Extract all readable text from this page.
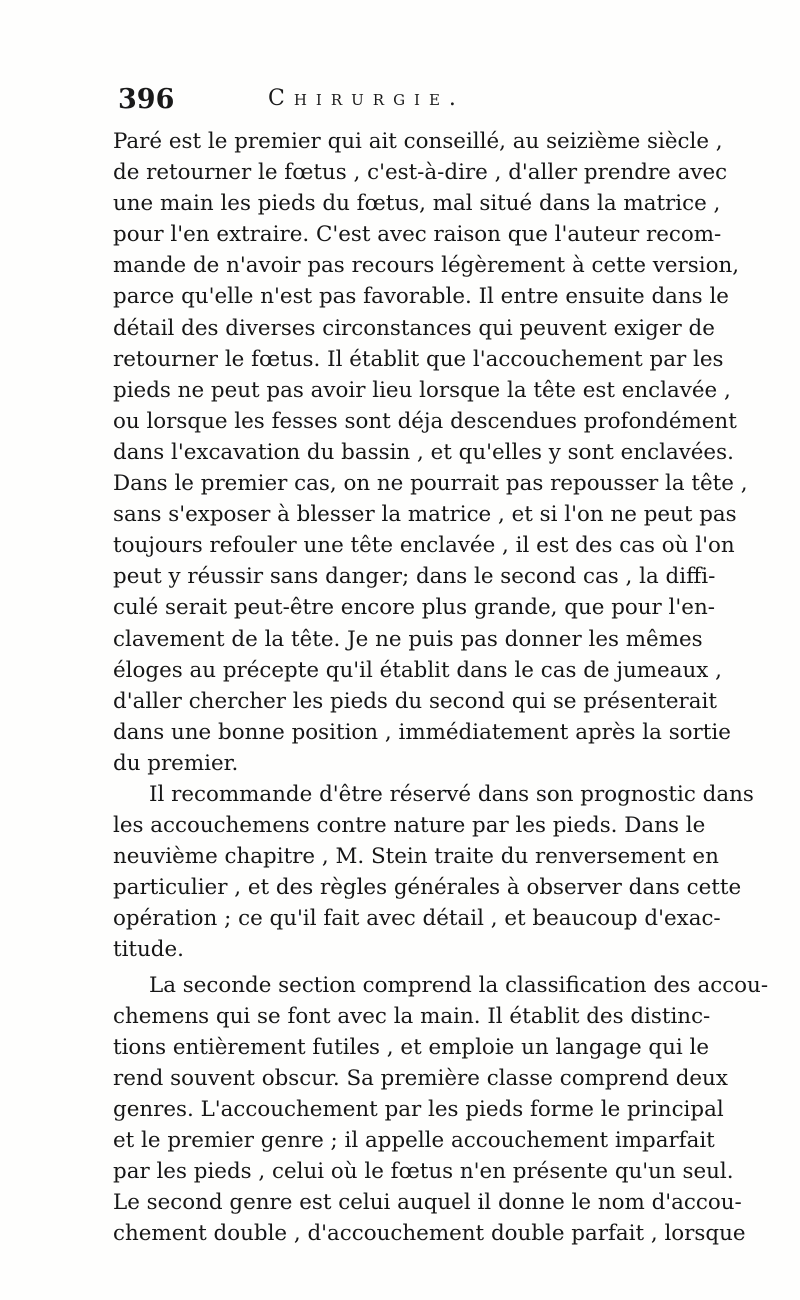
396	Chirurgie.
Paré est le premier qui ait conseillé, au seizième siècle ,
de retourner le fœtus , c'est-à-dire , d'aller prendre avec
une main les pieds du fœtus, mal situé dans la matrice ,
pour l'en extraire. C'est avec raison que l'auteur recom-
mande de n'avoir pas recours légèrement à cette version,
parce qu'elle n'est pas favorable. Il entre ensuite dans le
détail des diverses circonstances qui peuvent exiger de
retourner le fœtus. Il établit que l'accouchement par les
pieds ne peut pas avoir lieu lorsque la tête est enclavée ,
ou lorsque les fesses sont déja descendues profondément
dans l'excavation du bassin , et qu'elles y sont enclavées.
Dans le premier cas, on ne pourrait pas repousser la tête ,
sans s'exposer à blesser la matrice , et si l'on ne peut pas
toujours refouler une tête enclavée , il est des cas où l'on
peut y réussir sans danger; dans le second cas , la diffi-
culé serait peut-être encore plus grande, que pour l'en-
clavement de la tête. Je ne puis pas donner les mêmes
éloges au précepte qu'il établit dans le cas de jumeaux ,
d'aller chercher les pieds du second qui se présenterait
dans une bonne position , immédiatement après la sortie
du premier.
Il recommande d'être réservé dans son prognostic dans
les accouchemens contre nature par les pieds. Dans le
neuvième chapitre , M. Stein traite du renversement en
particulier , et des règles générales à observer dans cette
opération ; ce qu'il fait avec détail , et beaucoup d'exac-
titude.
La seconde section comprend la classification des accou-
chemens qui se font avec la main. Il établit des distinc-
tions entièrement futiles , et emploie un langage qui le
rend souvent obscur. Sa première classe comprend deux
genres. L'accouchement par les pieds forme le principal
et le premier genre ; il appelle accouchement imparfait
par les pieds , celui où le fœtus n'en présente qu'un seul.
Le second genre est celui auquel il donne le nom d'accou-
chement double , d'accouchement double parfait , lorsque
